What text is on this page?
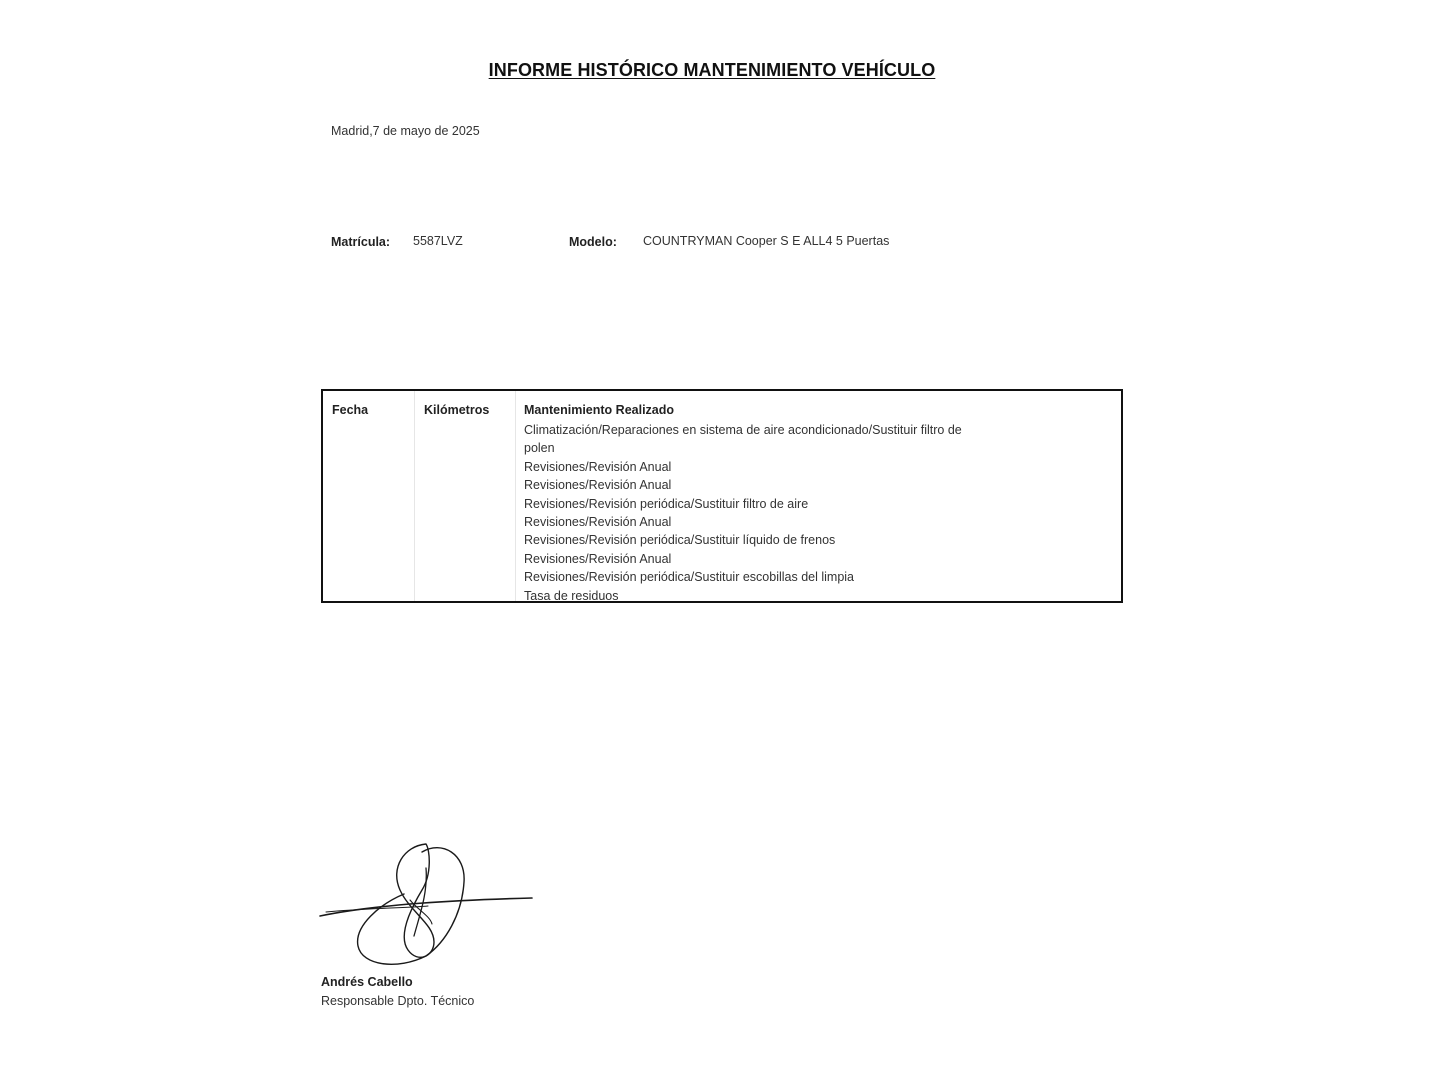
INFORME HISTÓRICO MANTENIMIENTO VEHÍCULO
Madrid,7 de mayo de 2025
Matrícula: 5587LVZ	Modelo: COUNTRYMAN Cooper S E ALL4 5 Puertas
Fecha	Kilómetros	Mantenimiento Realizado
Climatización/Reparaciones en sistema de aire acondicionado/Sustituir filtro de
polen
Revisiones/Revisión Anual
Revisiones/Revisión Anual
Revisiones/Revisión periódica/Sustituir filtro de aire
Revisiones/Revisión Anual
Revisiones/Revisión periódica/Sustituir líquido de frenos
Revisiones/Revisión Anual
Revisiones/Revisión periódica/Sustituir escobillas del limpia
Tasa de residuos
Andrés Cabello
Responsable Dpto. Técnico
